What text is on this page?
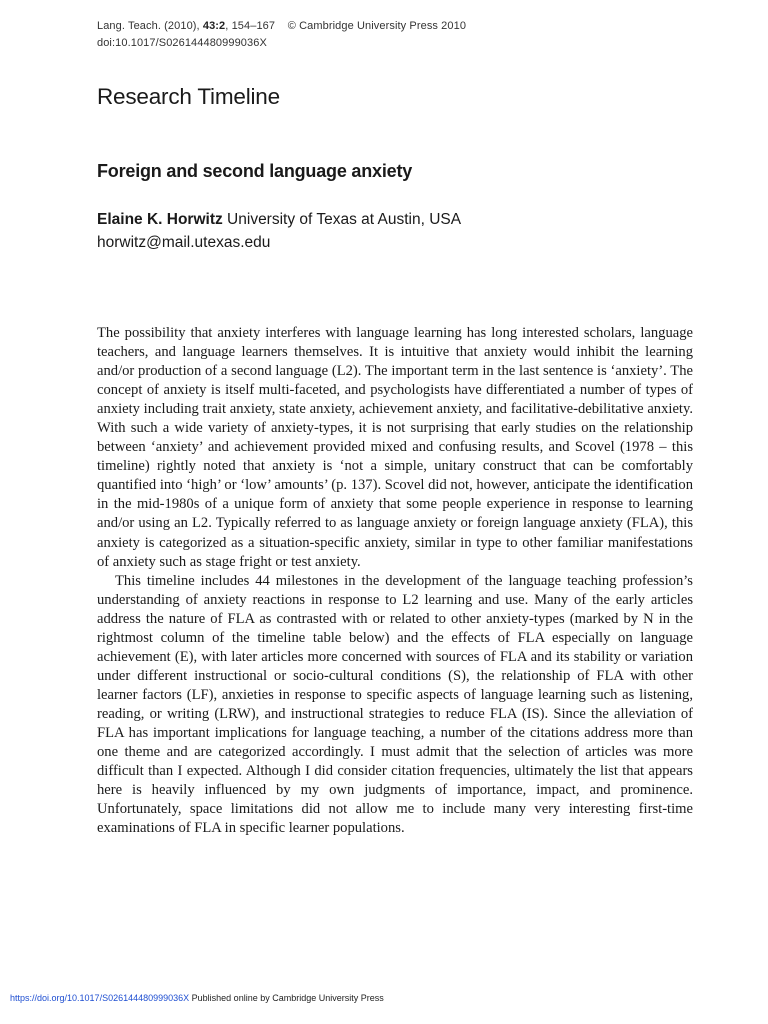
Lang. Teach. (2010), 43:2, 154–167 © Cambridge University Press 2010
doi:10.1017/S026144480999036X
Research Timeline
Foreign and second language anxiety
Elaine K. Horwitz University of Texas at Austin, USA
horwitz@mail.utexas.edu

The possibility that anxiety interferes with language learning has long interested scholars, language teachers, and language learners themselves. It is intuitive that anxiety would inhibit the learning and/or production of a second language (L2). The important term in the last sentence is ‘anxiety’. The concept of anxiety is itself multi-faceted, and psychologists have differentiated a number of types of anxiety including trait anxiety, state anxiety, achievement anxiety, and facilitative-debilitative anxiety. With such a wide variety of anxiety-types, it is not surprising that early studies on the relationship between ‘anxiety’ and achievement provided mixed and confusing results, and Scovel (1978 – this timeline) rightly noted that anxiety is ‘not a simple, unitary construct that can be comfortably quantified into ‘high’ or ‘low’ amounts’ (p. 137). Scovel did not, however, anticipate the identification in the mid-1980s of a unique form of anxiety that some people experience in response to learning and/or using an L2. Typically referred to as language anxiety or foreign language anxiety (FLA), this anxiety is categorized as a situation-specific anxiety, similar in type to other familiar manifestations of anxiety such as stage fright or test anxiety.

This timeline includes 44 milestones in the development of the language teaching profession’s understanding of anxiety reactions in response to L2 learning and use. Many of the early articles address the nature of FLA as contrasted with or related to other anxiety-types (marked by N in the rightmost column of the timeline table below) and the effects of FLA especially on language achievement (E), with later articles more concerned with sources of FLA and its stability or variation under different instructional or socio-cultural conditions (S), the relationship of FLA with other learner factors (LF), anxieties in response to specific aspects of language learning such as listening, reading, or writing (LRW), and instructional strategies to reduce FLA (IS). Since the alleviation of FLA has important implications for language teaching, a number of the citations address more than one theme and are categorized accordingly. I must admit that the selection of articles was more difficult than I expected. Although I did consider citation frequencies, ultimately the list that appears here is heavily influenced by my own judgments of importance, impact, and prominence. Unfortunately, space limitations did not allow me to include many very interesting first-time examinations of FLA in specific learner populations.

https://doi.org/10.1017/S026144480999036X Published online by Cambridge University Press
